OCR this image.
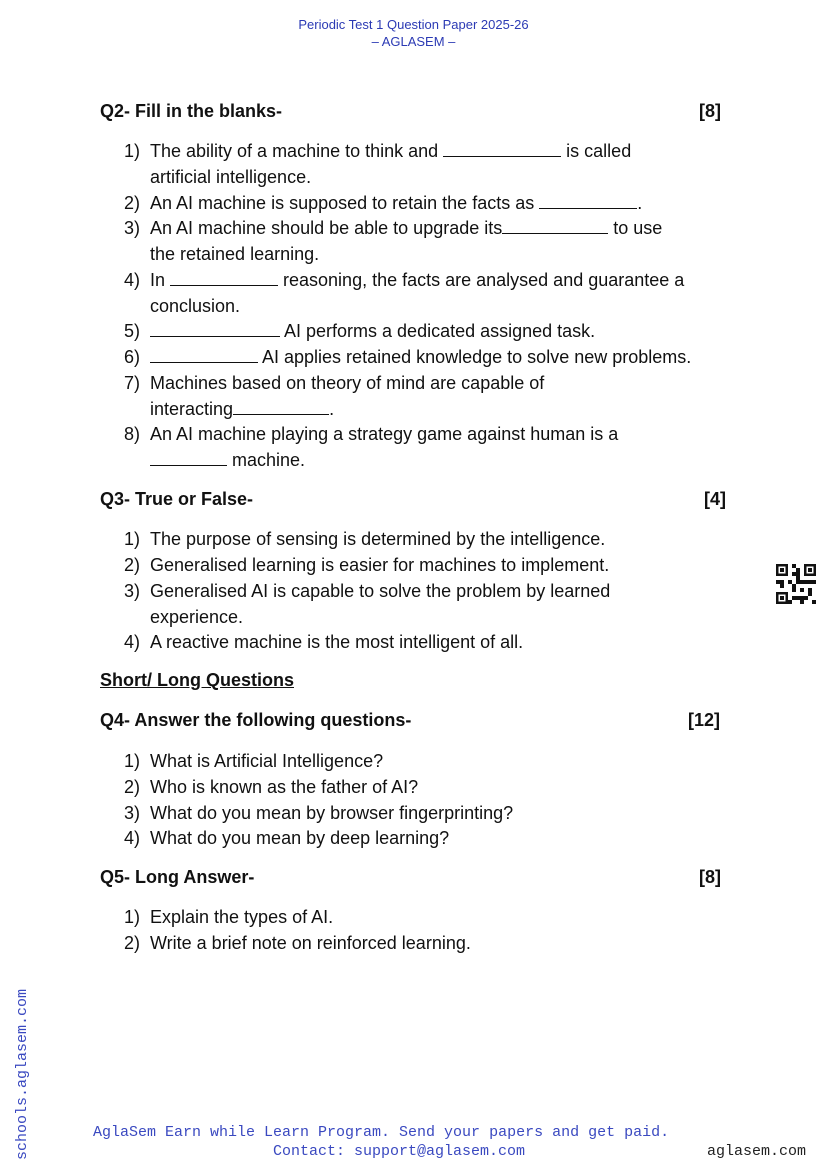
Periodic Test 1 Question Paper 2025-26
– AGLASEM –
Q2- Fill in the blanks-	[8]
1) The ability of a machine to think and	is called
artificial intelligence.
2) An AI machine is supposed to retain the facts as	.
3) An AI machine should be able to upgrade its	to use
the retained learning.
4) In	reasoning, the facts are analysed and guarantee a
conclusion.
5)	AI performs a dedicated assigned task.
6)	AI applies retained knowledge to solve new problems.
7) Machines based on theory of mind are capable of
interacting	.
8) An AI machine playing a strategy game against human is a
machine.
Q3- True or False-	[4]
1) The purpose of sensing is determined by the intelligence.
2) Generalised learning is easier for machines to implement.
3) Generalised AI is capable to solve the problem by learned
experience.
4) A reactive machine is the most intelligent of all.
Short/ Long Questions
Q4- Answer the following questions-	[12]
1) What is Artificial Intelligence?
2) Who is known as the father of AI?
3) What do you mean by browser fingerprinting?
4) What do you mean by deep learning?
Q5- Long Answer-	[8]
1) Explain the types of AI.
2) Write a brief note on reinforced learning.
schools.aglasem.com	AglaSem Earn while Learn Program. Send your papers and get paid.
Contact: support@aglasem.com	aglasem.com
